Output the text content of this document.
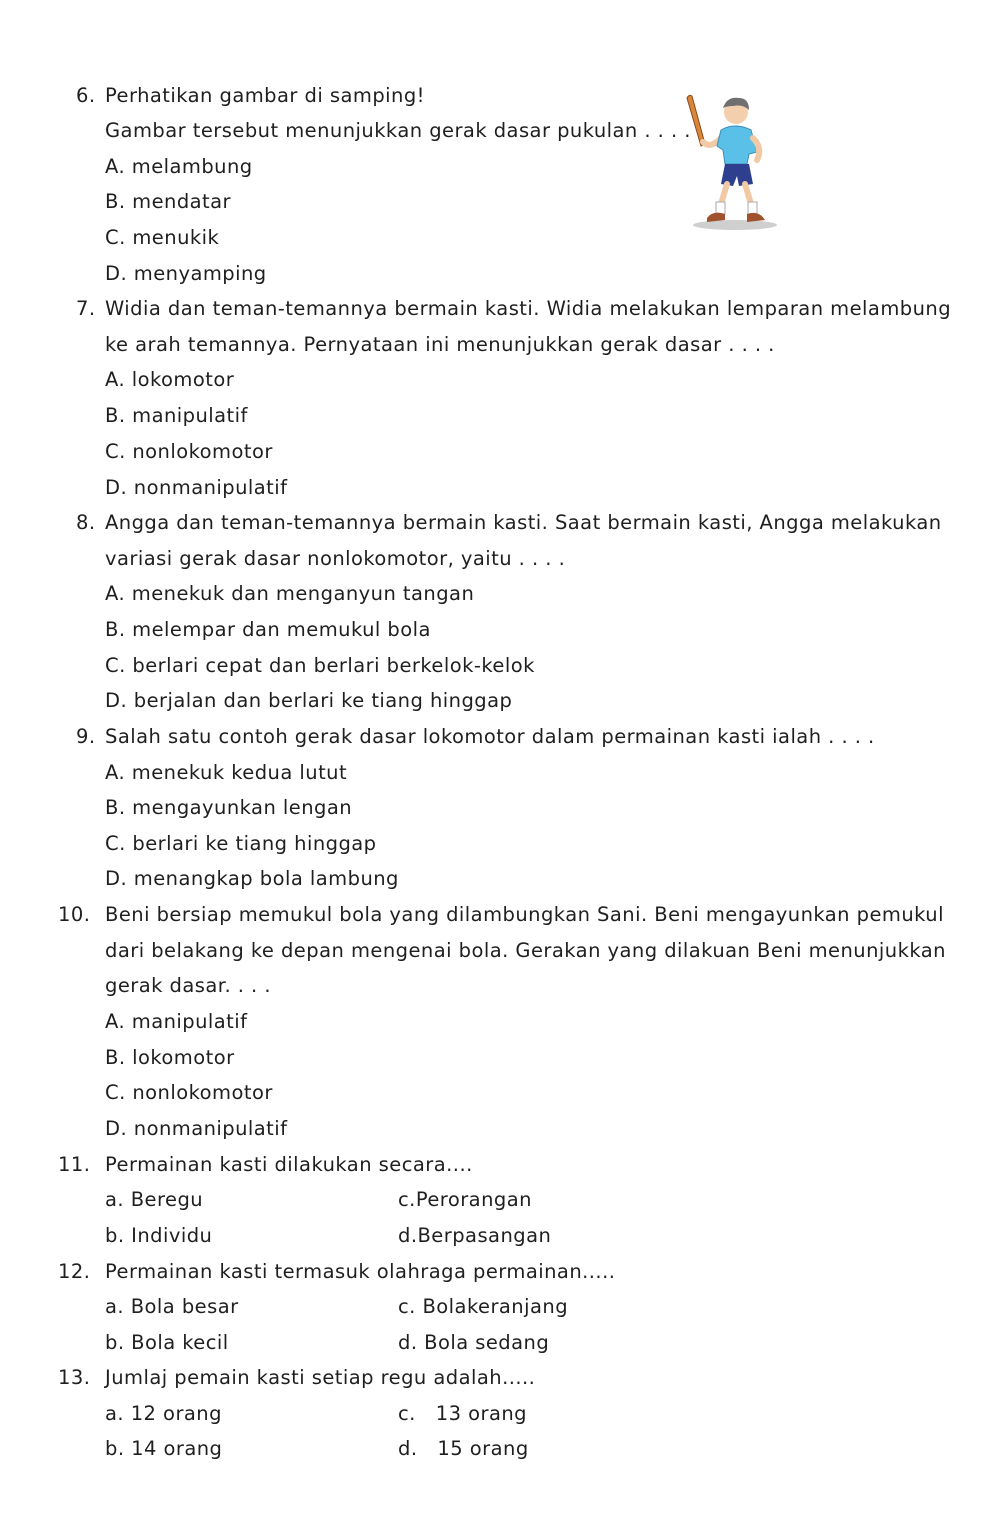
6. Perhatikan gambar di samping!
Gambar tersebut menunjukkan gerak dasar pukulan . . . .
A. melambung
B. mendatar
C. menukik
D. menyamping
7. Widia dan teman-temannya bermain kasti. Widia melakukan lemparan melambung
ke arah temannya. Pernyataan ini menunjukkan gerak dasar . . . .
A. lokomotor
B. manipulatif
C. nonlokomotor
D. nonmanipulatif
8. Angga dan teman-temannya bermain kasti. Saat bermain kasti, Angga melakukan
variasi gerak dasar nonlokomotor, yaitu . . . .
A. menekuk dan menganyun tangan
B. melempar dan memukul bola
C. berlari cepat dan berlari berkelok-kelok
D. berjalan dan berlari ke tiang hinggap
9. Salah satu contoh gerak dasar lokomotor dalam permainan kasti ialah . . . .
A. menekuk kedua lutut
B. mengayunkan lengan
C. berlari ke tiang hinggap
D. menangkap bola lambung
10. Beni bersiap memukul bola yang dilambungkan Sani. Beni mengayunkan pemukul
dari belakang ke depan mengenai bola. Gerakan yang dilakuan Beni menunjukkan
gerak dasar. . . .
A. manipulatif
B. lokomotor
C. nonlokomotor
D. nonmanipulatif
11. Permainan kasti dilakukan secara....
a. Beregu	c.Perorangan
b. Individu	d.Berpasangan
12. Permainan kasti termasuk olahraga permainan.....
a. Bola besar	c. Bolakeranjang
b. Bola kecil	d. Bola sedang
13. Jumlaj pemain kasti setiap regu adalah.....
a. 12 orang	c.   13 orang
b. 14 orang	d.   15 orang
